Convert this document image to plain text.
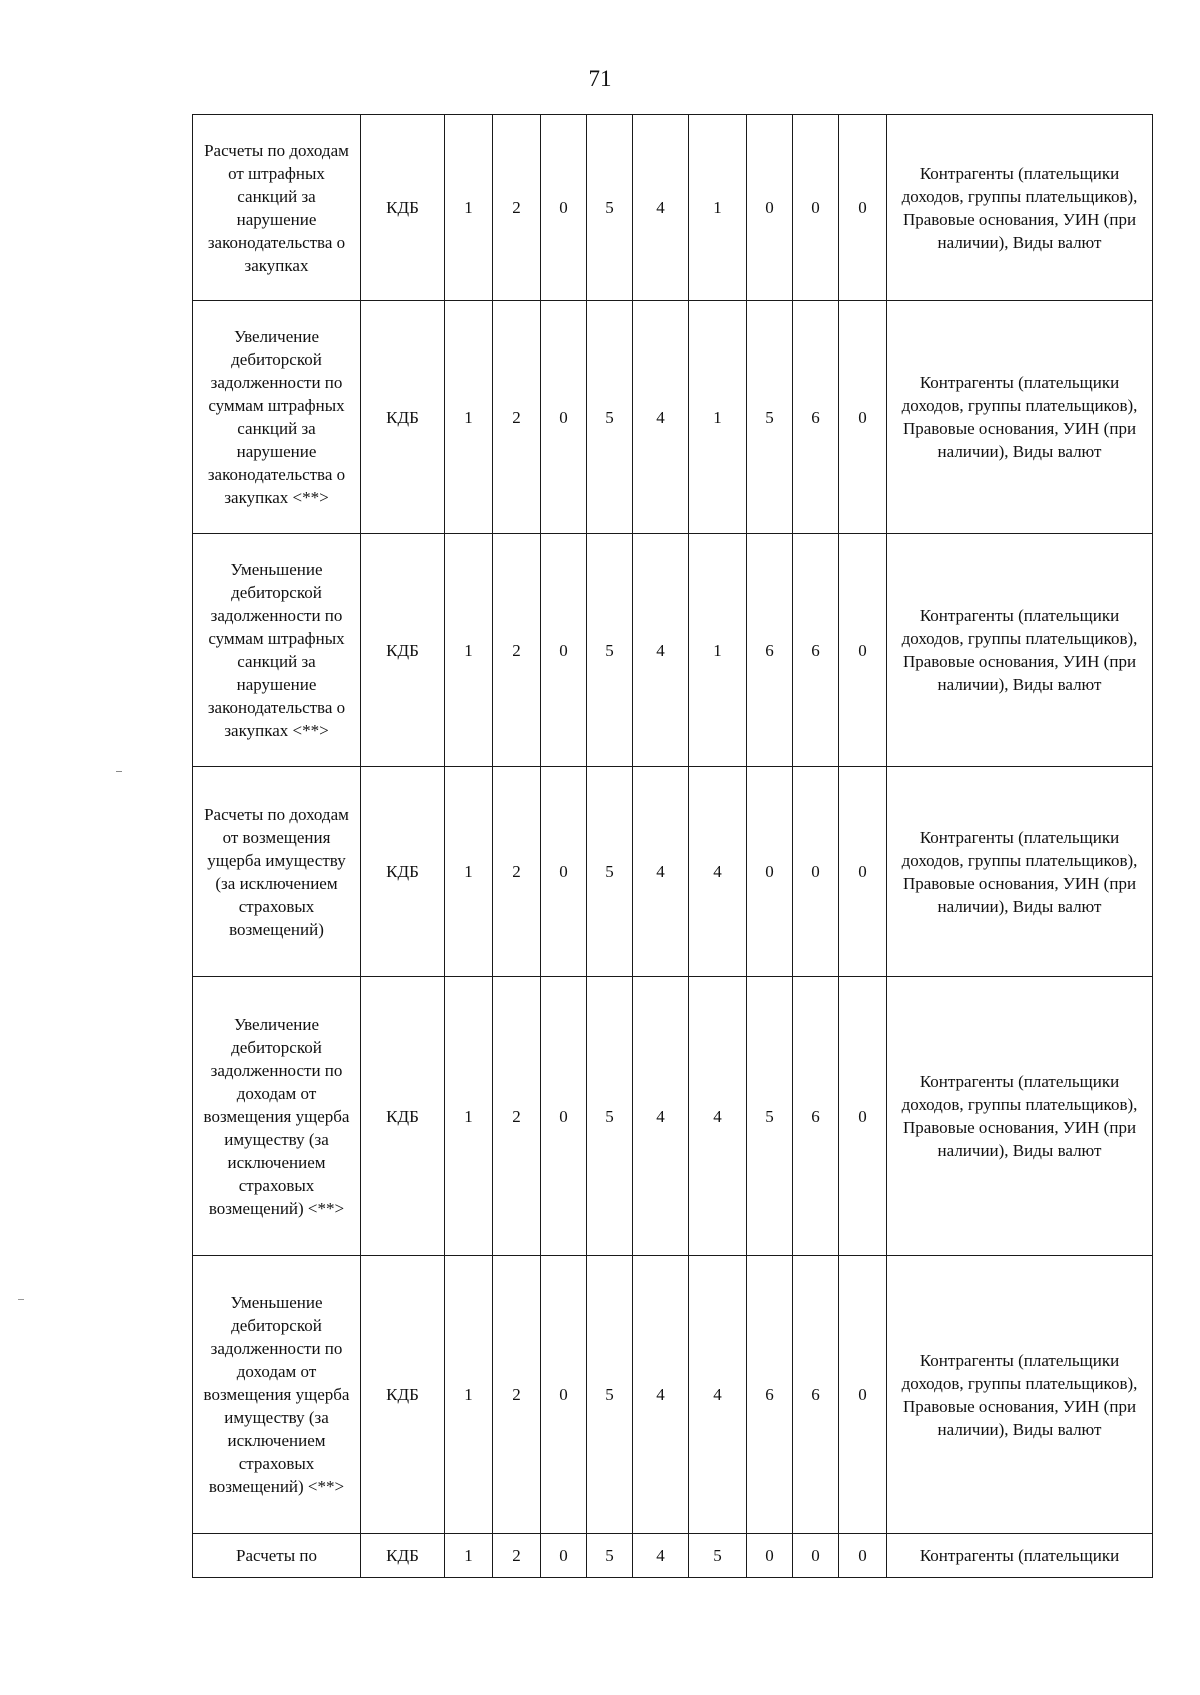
71
Расчеты по доходам от штрафных санкций за нарушение законодательства о закупках	КДБ	1	2	0	5	4	1	0	0	0	Контрагенты (плательщики доходов, группы плательщиков), Правовые основания, УИН (при наличии), Виды валют
Увеличение дебиторской задолженности по суммам штрафных санкций за нарушение законодательства о закупках <**>	КДБ	1	2	0	5	4	1	5	6	0	Контрагенты (плательщики доходов, группы плательщиков), Правовые основания, УИН (при наличии), Виды валют
Уменьшение дебиторской задолженности по суммам штрафных санкций за нарушение законодательства о закупках <**>	КДБ	1	2	0	5	4	1	6	6	0	Контрагенты (плательщики доходов, группы плательщиков), Правовые основания, УИН (при наличии), Виды валют
Расчеты по доходам от возмещения ущерба имуществу (за исключением страховых возмещений)	КДБ	1	2	0	5	4	4	0	0	0	Контрагенты (плательщики доходов, группы плательщиков), Правовые основания, УИН (при наличии), Виды валют
Увеличение дебиторской задолженности по доходам от возмещения ущерба имуществу (за исключением страховых возмещений) <**>	КДБ	1	2	0	5	4	4	5	6	0	Контрагенты (плательщики доходов, группы плательщиков), Правовые основания, УИН (при наличии), Виды валют
Уменьшение дебиторской задолженности по доходам от возмещения ущерба имуществу (за исключением страховых возмещений) <**>	КДБ	1	2	0	5	4	4	6	6	0	Контрагенты (плательщики доходов, группы плательщиков), Правовые основания, УИН (при наличии), Виды валют
Расчеты по	КДБ	1	2	0	5	4	5	0	0	0	Контрагенты (плательщики
